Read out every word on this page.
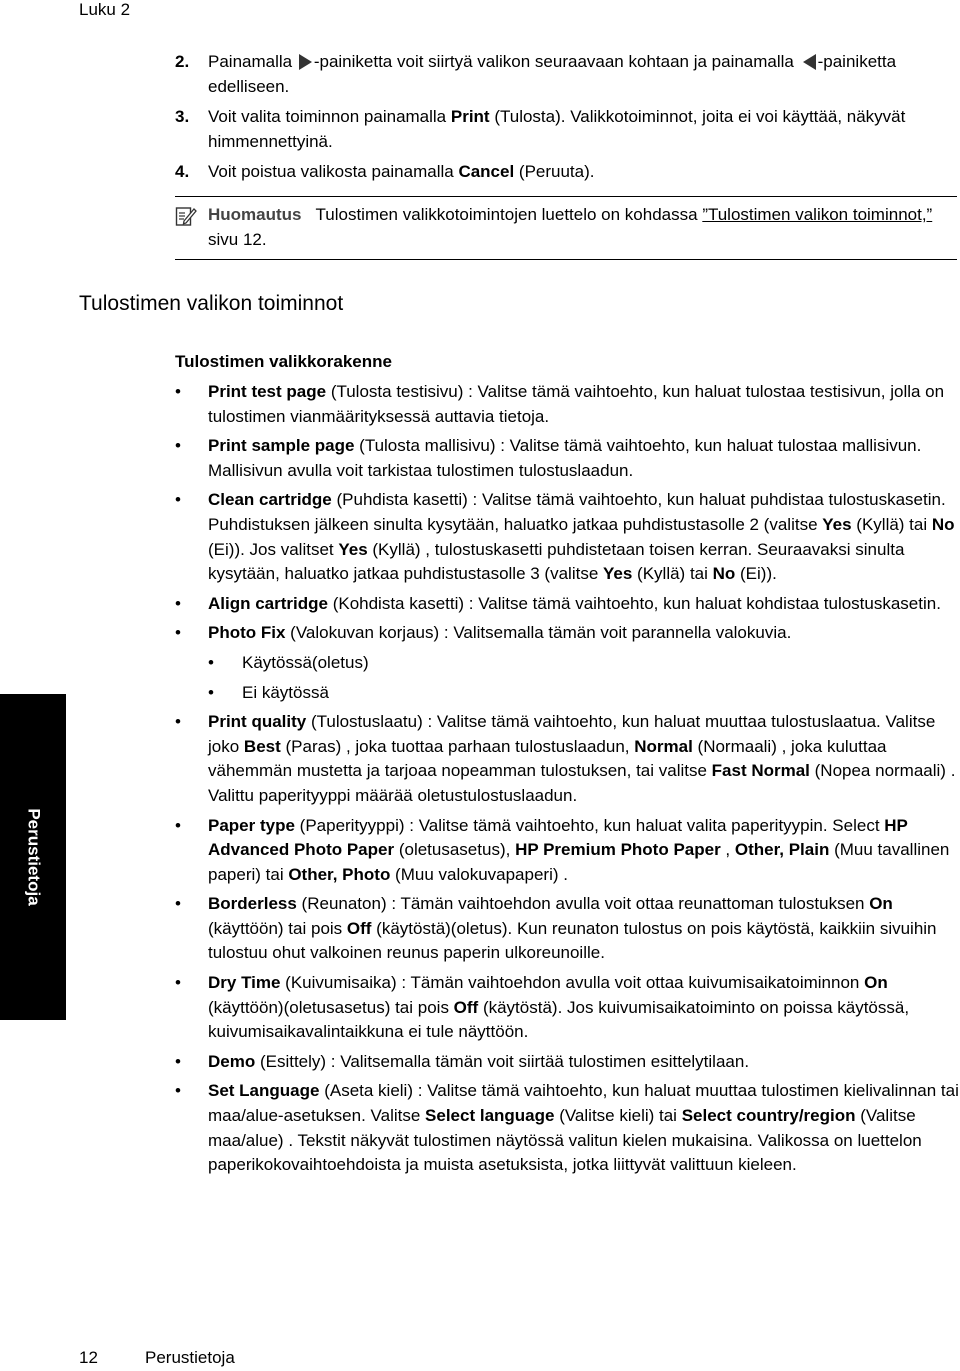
Luku 2
2. Painamalla -painiketta voit siirtyä valikon seuraavaan kohtaan ja painamalla -painiketta edelliseen.
3. Voit valita toiminnon painamalla Print (Tulosta). Valikkotoiminnot, joita ei voi käyttää, näkyvät himmennettyinä.
4. Voit poistua valikosta painamalla Cancel (Peruuta).
Huomautus Tulostimen valikkotoimintojen luettelo on kohdassa ”Tulostimen valikon toiminnot,” sivu 12.
Tulostimen valikon toiminnot
Tulostimen valikkorakenne
• Print test page (Tulosta testisivu) : Valitse tämä vaihtoehto, kun haluat tulostaa testisivun, jolla on tulostimen vianmäärityksessä auttavia tietoja.
• Print sample page (Tulosta mallisivu) : Valitse tämä vaihtoehto, kun haluat tulostaa mallisivun. Mallisivun avulla voit tarkistaa tulostimen tulostuslaadun.
• Clean cartridge (Puhdista kasetti) : Valitse tämä vaihtoehto, kun haluat puhdistaa tulostuskasetin. Puhdistuksen jälkeen sinulta kysytään, haluatko jatkaa puhdistustasolle 2 (valitse Yes (Kyllä) tai No (Ei)). Jos valitset Yes (Kyllä) , tulostuskasetti puhdistetaan toisen kerran. Seuraavaksi sinulta kysytään, haluatko jatkaa puhdistustasolle 3 (valitse Yes (Kyllä) tai No (Ei)).
• Align cartridge (Kohdista kasetti) : Valitse tämä vaihtoehto, kun haluat kohdistaa tulostuskasetin.
• Photo Fix (Valokuvan korjaus) : Valitsemalla tämän voit parannella valokuvia.
• Käytössä(oletus)
• Ei käytössä
• Print quality (Tulostuslaatu) : Valitse tämä vaihtoehto, kun haluat muuttaa tulostuslaatua. Valitse joko Best (Paras) , joka tuottaa parhaan tulostuslaadun, Normal (Normaali) , joka kuluttaa vähemmän mustetta ja tarjoaa nopeamman tulostuksen, tai valitse Fast Normal (Nopea normaali) . Valittu paperityyppi määrää oletustulostuslaadun.
• Paper type (Paperityyppi) : Valitse tämä vaihtoehto, kun haluat valita paperityypin. Select HP Advanced Photo Paper (oletusasetus), HP Premium Photo Paper , Other, Plain (Muu tavallinen paperi) tai Other, Photo (Muu valokuvapaperi) .
• Borderless (Reunaton) : Tämän vaihtoehdon avulla voit ottaa reunattoman tulostuksen On (käyttöön) tai pois Off (käytöstä)(oletus). Kun reunaton tulostus on pois käytöstä, kaikkiin sivuihin tulostuu ohut valkoinen reunus paperin ulkoreunoille.
• Dry Time (Kuivumisaika) : Tämän vaihtoehdon avulla voit ottaa kuivumisaikatoiminnon On (käyttöön)(oletusasetus) tai pois Off (käytöstä). Jos kuivumisaikatoiminto on poissa käytössä, kuivumisaikavalintaikkuna ei tule näyttöön.
• Demo (Esittely) : Valitsemalla tämän voit siirtää tulostimen esittelytilaan.
• Set Language (Aseta kieli) : Valitse tämä vaihtoehto, kun haluat muuttaa tulostimen kielivalinnan tai maa/alue-asetuksen. Valitse Select language (Valitse kieli) tai Select country/region (Valitse maa/alue) . Tekstit näkyvät tulostimen näytössä valitun kielen mukaisina. Valikossa on luettelon paperikokovaihtoehdoista ja muista asetuksista, jotka liittyvät valittuun kieleen.
Perustietoja
12	Perustietoja
